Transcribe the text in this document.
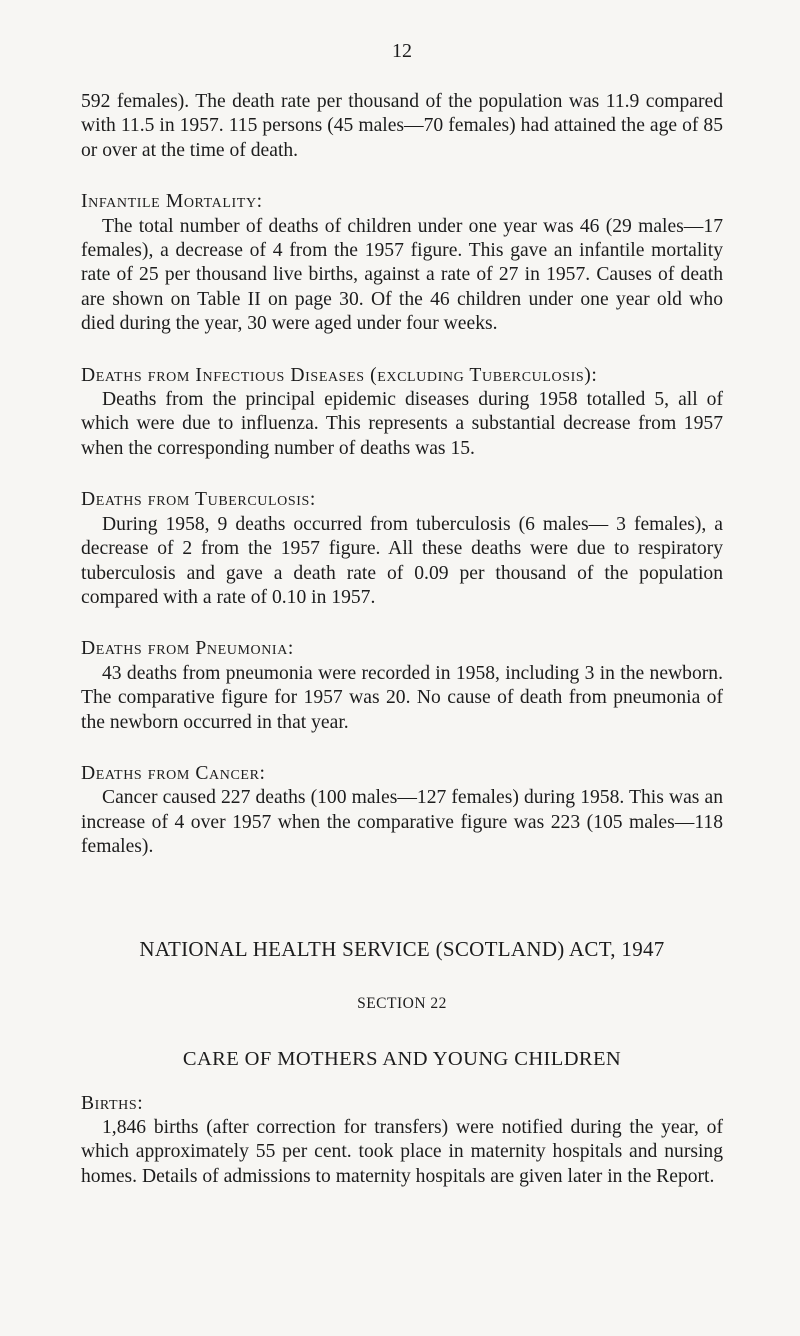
12

592 females). The death rate per thousand of the population was 11.9 compared with 11.5 in 1957. 115 persons (45 males—70 females) had attained the age of 85 or over at the time of death.

Infantile Mortality:

The total number of deaths of children under one year was 46 (29 males—17 females), a decrease of 4 from the 1957 figure. This gave an infantile mortality rate of 25 per thousand live births, against a rate of 27 in 1957. Causes of death are shown on Table II on page 30. Of the 46 children under one year old who died during the year, 30 were aged under four weeks.

Deaths from Infectious Diseases (excluding Tuberculosis):

Deaths from the principal epidemic diseases during 1958 totalled 5, all of which were due to influenza. This represents a substantial decrease from 1957 when the corresponding number of deaths was 15.

Deaths from Tuberculosis:

During 1958, 9 deaths occurred from tuberculosis (6 males— 3 females), a decrease of 2 from the 1957 figure. All these deaths were due to respiratory tuberculosis and gave a death rate of 0.09 per thousand of the population compared with a rate of 0.10 in 1957.

Deaths from Pneumonia:

43 deaths from pneumonia were recorded in 1958, including 3 in the newborn. The comparative figure for 1957 was 20. No cause of death from pneumonia of the newborn occurred in that year.

Deaths from Cancer:

Cancer caused 227 deaths (100 males—127 females) during 1958. This was an increase of 4 over 1957 when the comparative figure was 223 (105 males—118 females).

NATIONAL HEALTH SERVICE (SCOTLAND) ACT, 1947
SECTION 22
CARE OF MOTHERS AND YOUNG CHILDREN
Births:

1,846 births (after correction for transfers) were notified during the year, of which approximately 55 per cent. took place in maternity hospitals and nursing homes. Details of admissions to maternity hospitals are given later in the Report.
